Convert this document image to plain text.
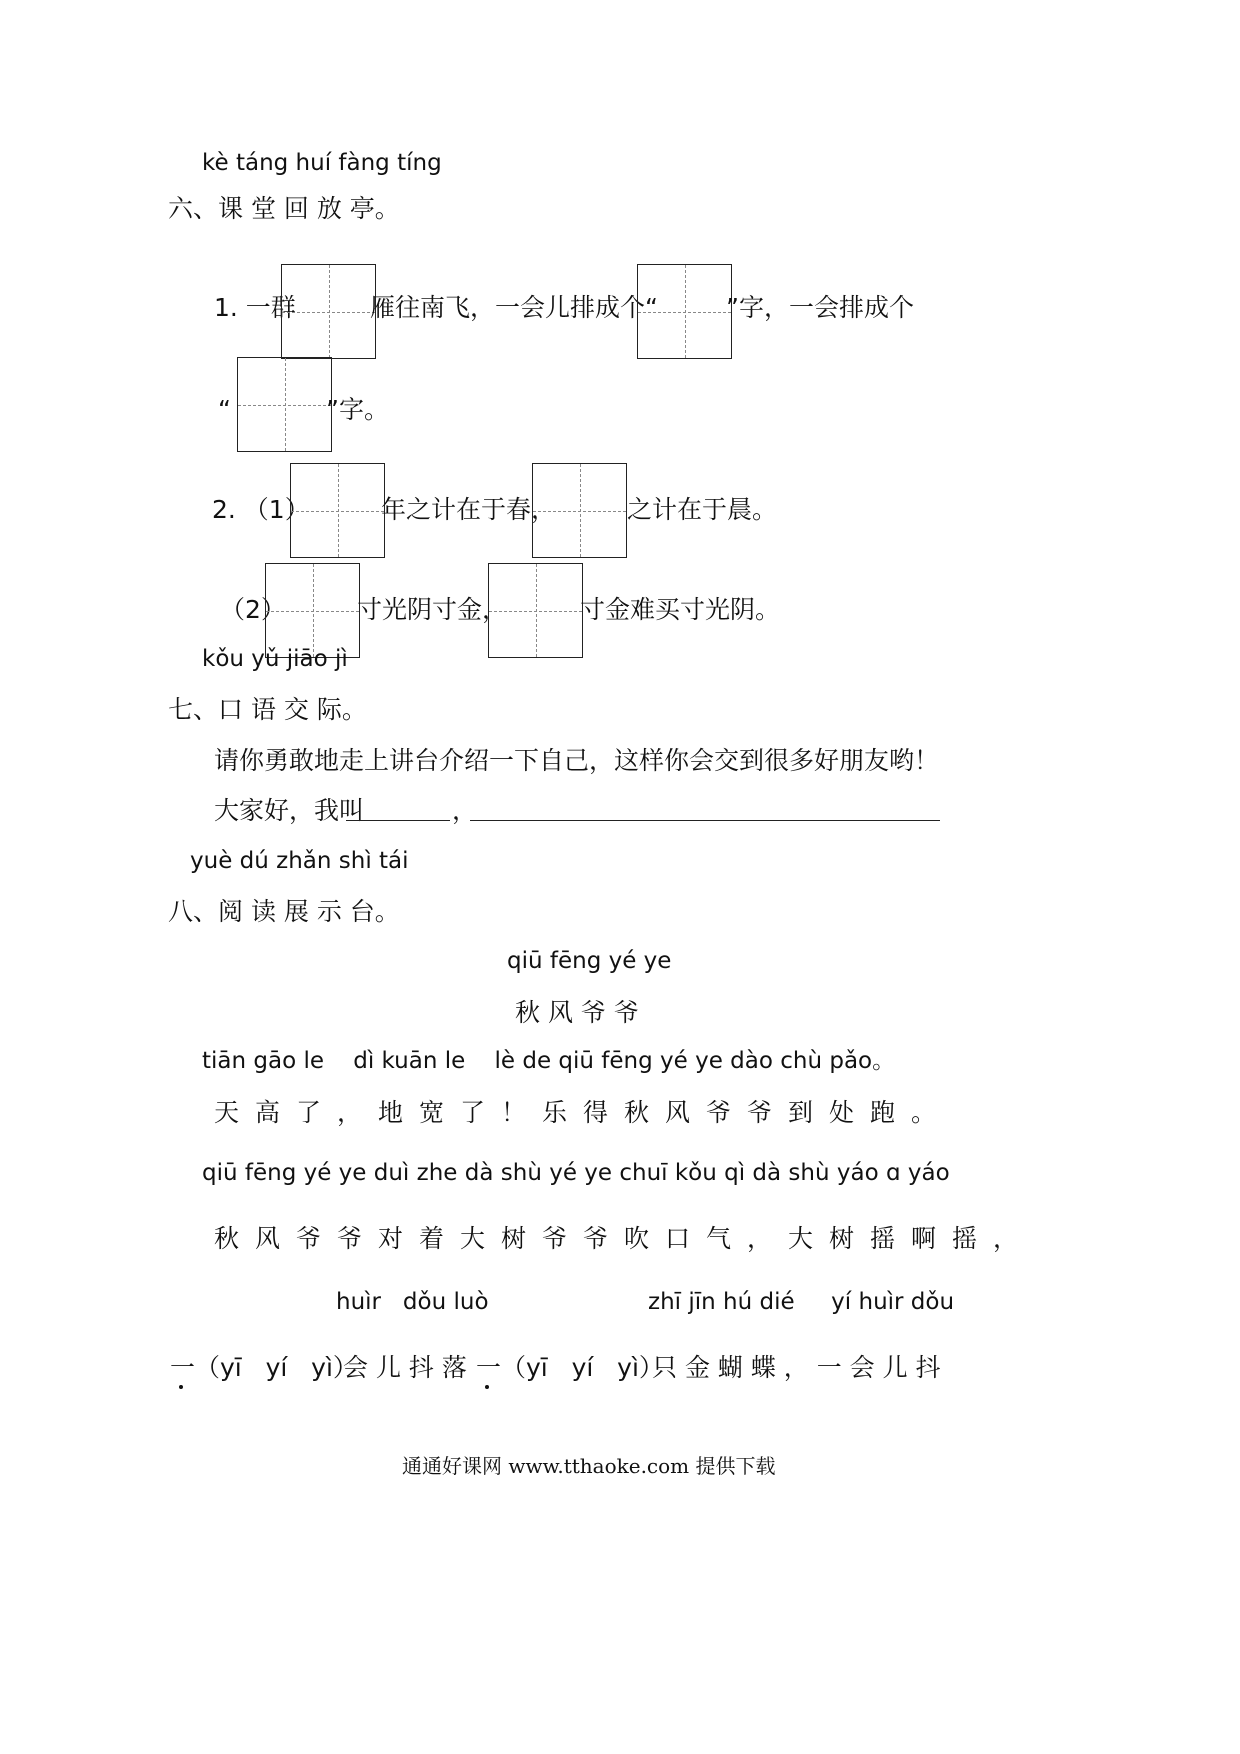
kè táng huí fàng tíng
六、课 堂 回 放 亭。
1. 一群	雁往南飞，一会儿排成个“	”字，一会排成个
“	”字。
2. （1）	年之计在于春，	之计在于晨。
（2）	寸光阴寸金，	寸金难买寸光阴。
kǒu yǔ jiāo jì
七、口 语 交 际。
请你勇敢地走上讲台介绍一下自己，这样你会交到很多好朋友哟！
大家好，我叫	，
yuè dú zhǎn shì tái
八、阅 读 展 示 台。
qiū fēng yé ye
秋 风 爷 爷
tiān gāo le    dì kuān le    lè de qiū fēng yé ye dào chù pǎo。
天高了，地宽了！乐得秋风爷爷到处跑。
qiū fēng yé ye duì zhe dà shù yé ye chuī kǒu qì dà shù yáo ɑ yáo
秋风爷爷对着大树爷爷吹口气，大树摇啊摇，
huìr   dǒu luò	zhī jīn hú dié     yí huìr dǒu
一（yī   yí   yì）
会 儿 抖 落 一（yī   yí   yì）
只 金 蝴 蝶 ， 一 会 儿 抖
通通好课网 www.tthaoke.com 提供下载
